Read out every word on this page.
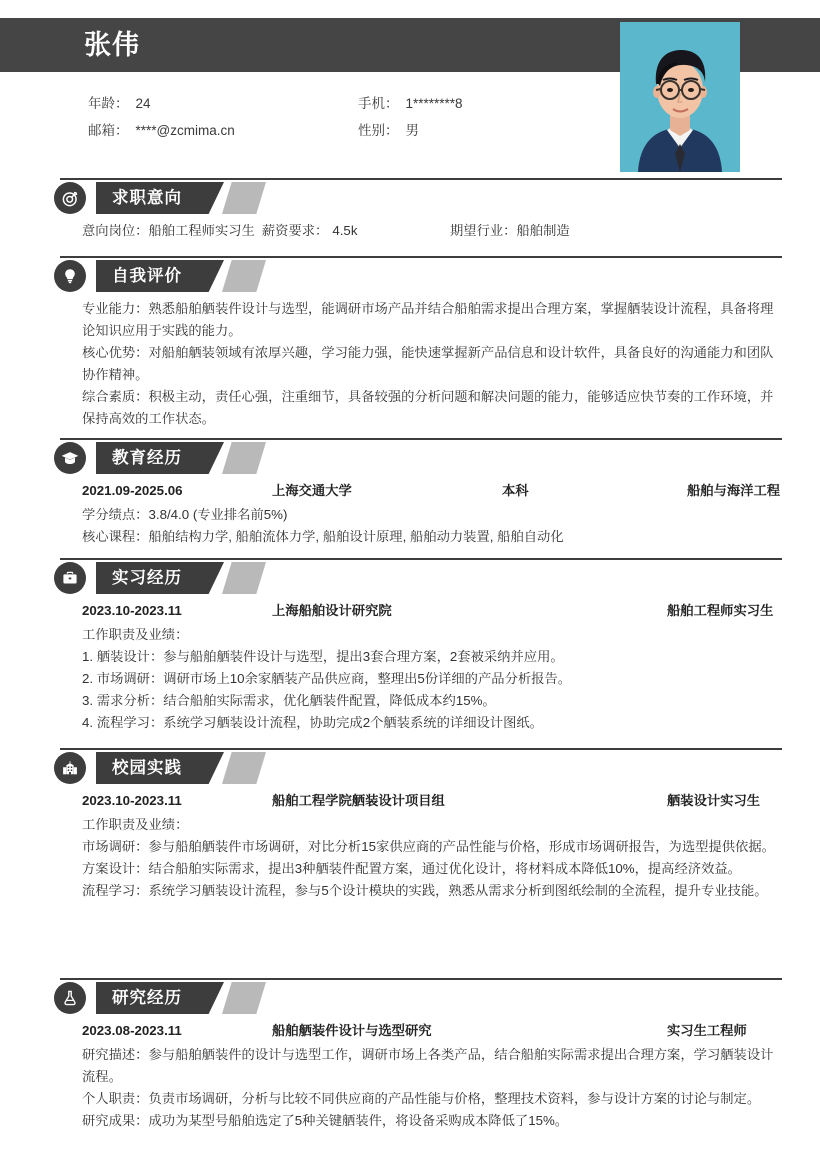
张伟
年龄： 24	手机： 1********8
邮箱： ****@zcmima.cn	性别： 男
求职意向
意向岗位：船舶工程师实习生 薪资要求： 4.5k	期望行业：船舶制造
自我评价
专业能力：熟悉船舶舾装件设计与选型，能调研市场产品并结合船舶需求提出合理方案，掌握舾装设计流程，具备将理论知识应用于实践的能力。
核心优势：对船舶舾装领域有浓厚兴趣，学习能力强，能快速掌握新产品信息和设计软件，具备良好的沟通能力和团队协作精神。
综合素质：积极主动，责任心强，注重细节，具备较强的分析问题和解决问题的能力，能够适应快节奏的工作环境，并保持高效的工作状态。
教育经历
2021.09-2025.06	上海交通大学	本科	船舶与海洋工程
学分绩点：3.8/4.0 (专业排名前5%)
核心课程：船舶结构力学, 船舶流体力学, 船舶设计原理, 船舶动力装置, 船舶自动化
实习经历
2023.10-2023.11	上海船舶设计研究院	船舶工程师实习生
工作职责及业绩：
1. 舾装设计：参与船舶舾装件设计与选型，提出3套合理方案，2套被采纳并应用。
2. 市场调研：调研市场上10余家舾装产品供应商，整理出5份详细的产品分析报告。
3. 需求分析：结合船舶实际需求，优化舾装件配置，降低成本约15%。
4. 流程学习：系统学习舾装设计流程，协助完成2个舾装系统的详细设计图纸。
校园实践
2023.10-2023.11	船舶工程学院舾装设计项目组	舾装设计实习生
工作职责及业绩：
市场调研：参与船舶舾装件市场调研，对比分析15家供应商的产品性能与价格，形成市场调研报告，为选型提供依据。
方案设计：结合船舶实际需求，提出3种舾装件配置方案，通过优化设计，将材料成本降低10%，提高经济效益。
流程学习：系统学习舾装设计流程，参与5个设计模块的实践，熟悉从需求分析到图纸绘制的全流程，提升专业技能。
研究经历
2023.08-2023.11	船舶舾装件设计与选型研究	实习生工程师
研究描述：参与船舶舾装件的设计与选型工作，调研市场上各类产品，结合船舶实际需求提出合理方案，学习舾装设计流程。
个人职责：负责市场调研，分析与比较不同供应商的产品性能与价格，整理技术资料，参与设计方案的讨论与制定。
研究成果：成功为某型号船舶选定了5种关键舾装件，将设备采购成本降低了15%。
